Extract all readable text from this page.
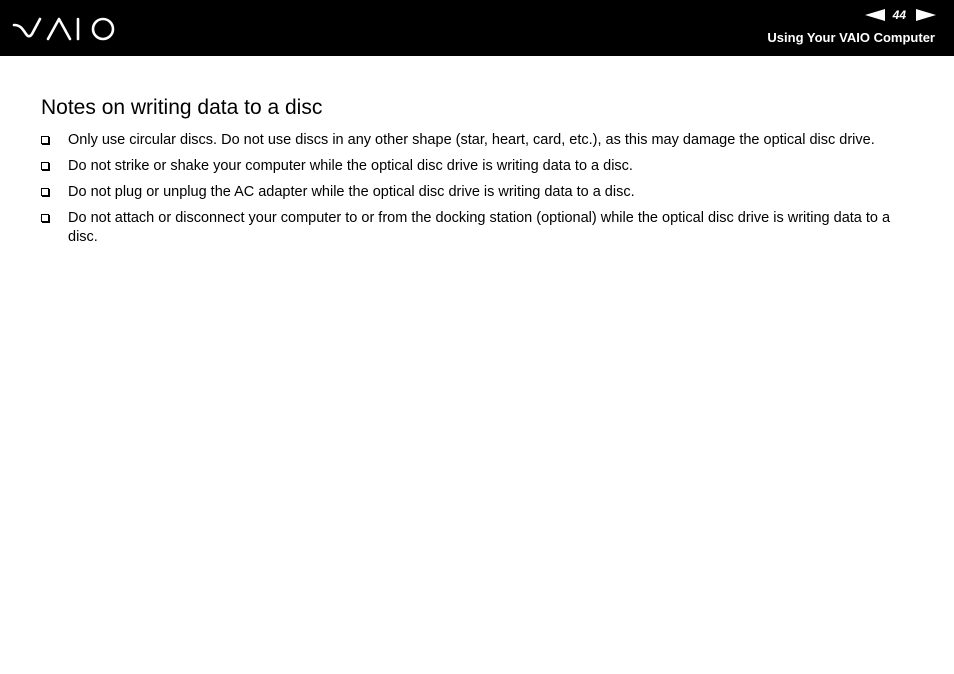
44
Using Your VAIO Computer
Notes on writing data to a disc
Only use circular discs. Do not use discs in any other shape (star, heart, card, etc.), as this may damage the optical disc drive.
Do not strike or shake your computer while the optical disc drive is writing data to a disc.
Do not plug or unplug the AC adapter while the optical disc drive is writing data to a disc.
Do not attach or disconnect your computer to or from the docking station (optional) while the optical disc drive is writing data to a disc.
